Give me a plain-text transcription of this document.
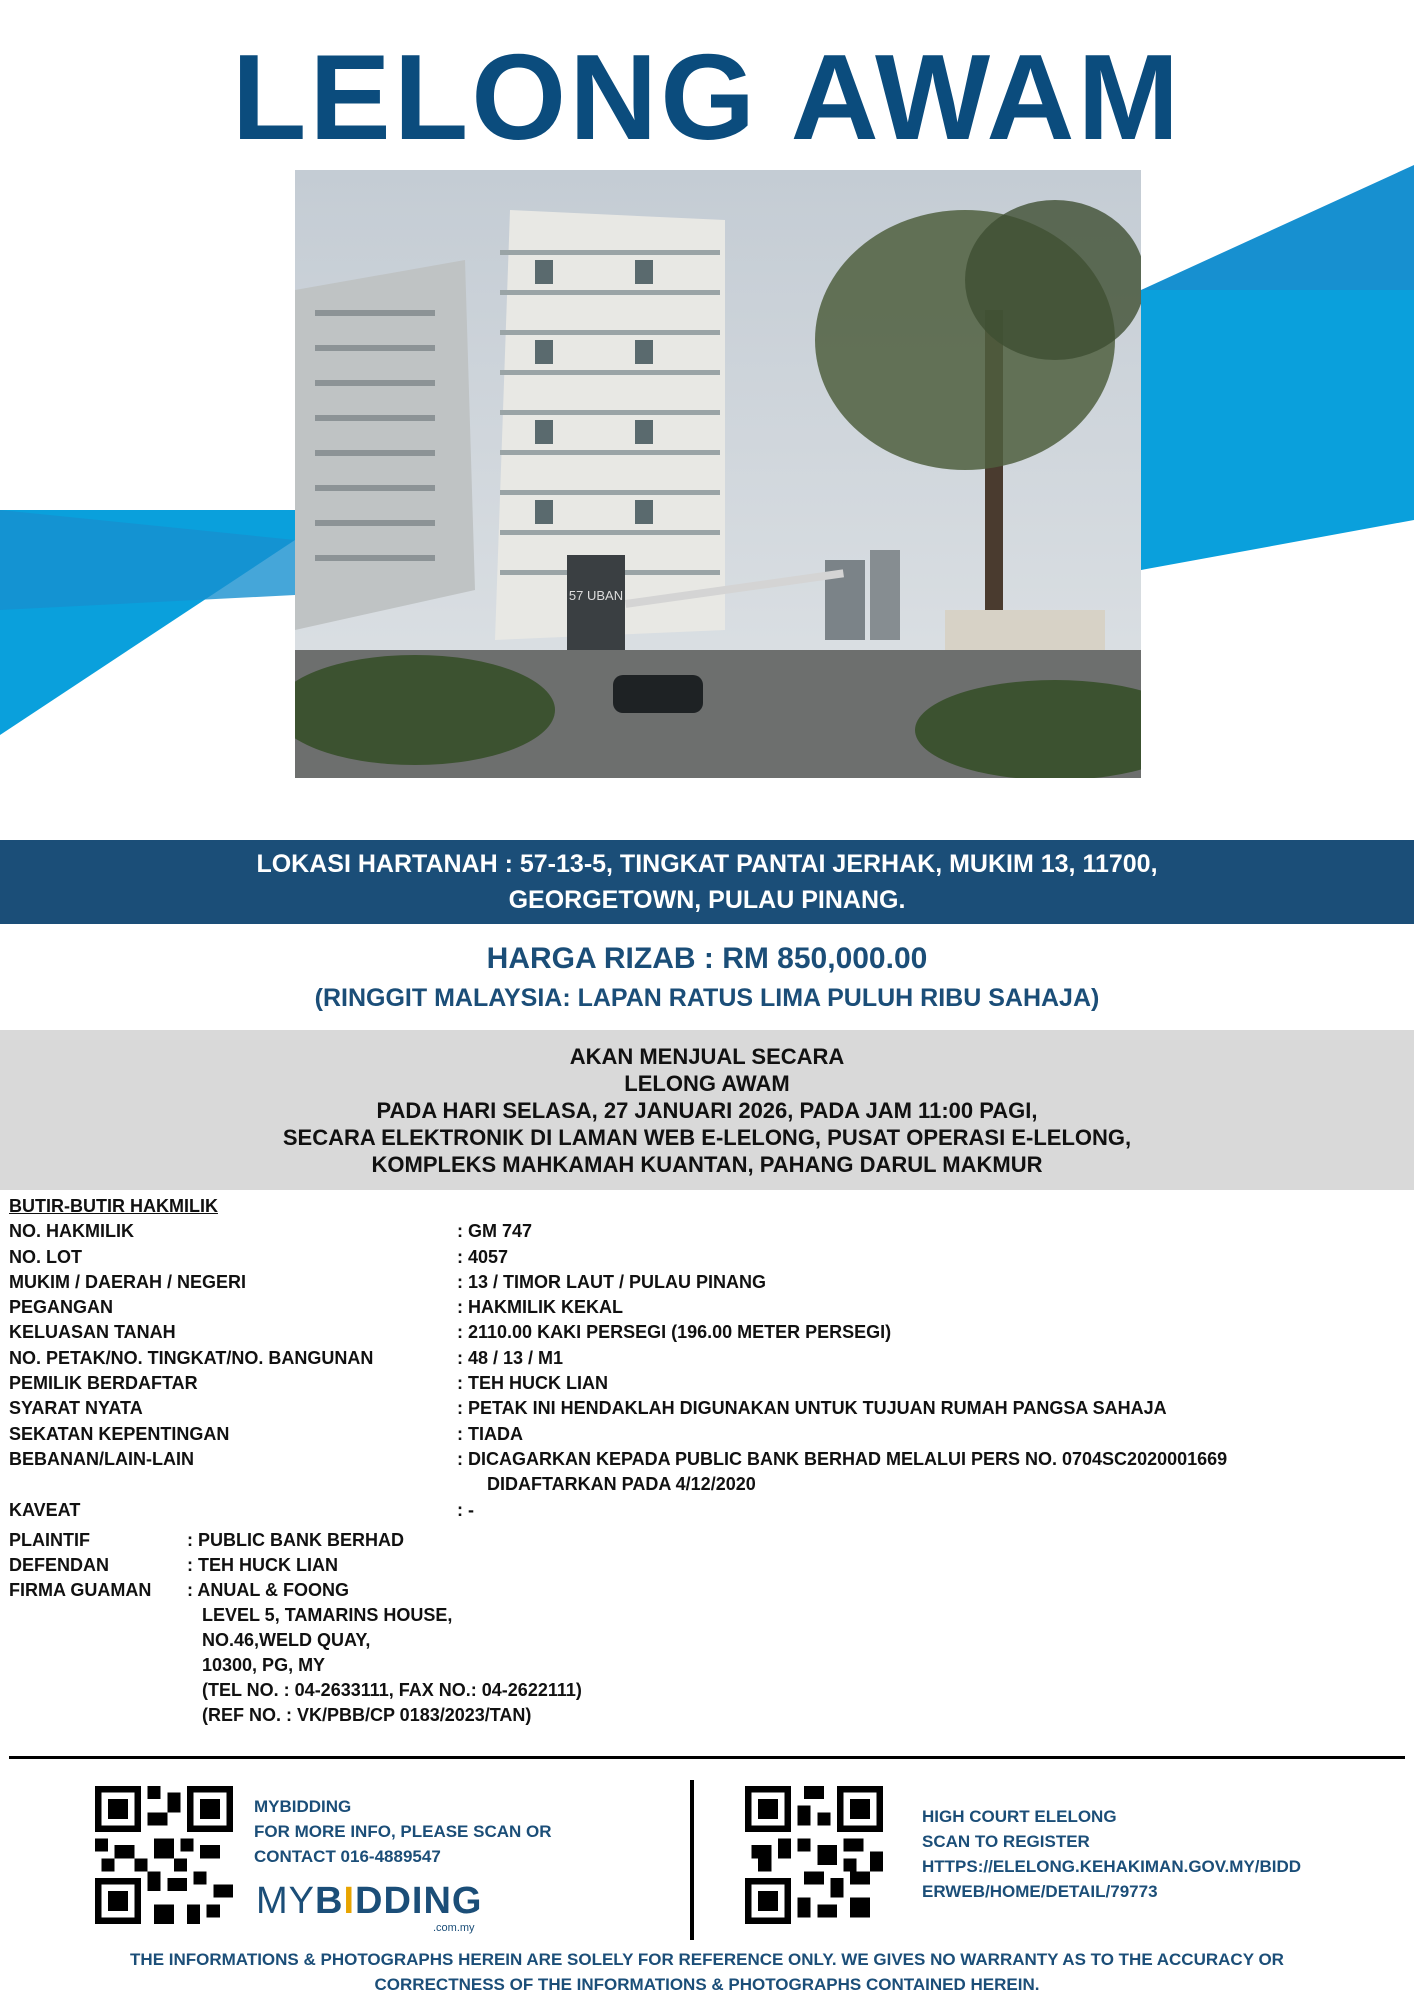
LELONG AWAM
57 UBAN
LOKASI HARTANAH : 57-13-5, TINGKAT PANTAI JERHAK, MUKIM 13, 11700,
GEORGETOWN, PULAU PINANG.
HARGA RIZAB : RM 850,000.00
(RINGGIT MALAYSIA: LAPAN RATUS LIMA PULUH RIBU SAHAJA)
AKAN MENJUAL SECARA
LELONG AWAM
PADA HARI SELASA, 27 JANUARI 2026, PADA JAM 11:00 PAGI,
SECARA ELEKTRONIK DI LAMAN WEB E-LELONG, PUSAT OPERASI E-LELONG,
KOMPLEKS MAHKAMAH KUANTAN, PAHANG DARUL MAKMUR
BUTIR-BUTIR HAKMILIK
NO. HAKMILIK	: GM 747
NO. LOT	: 4057
MUKIM / DAERAH / NEGERI	: 13 / TIMOR LAUT / PULAU PINANG
PEGANGAN	: HAKMILIK KEKAL
KELUASAN TANAH	: 2110.00 KAKI PERSEGI (196.00 METER PERSEGI)
NO. PETAK/NO. TINGKAT/NO. BANGUNAN	: 48 / 13 / M1
PEMILIK BERDAFTAR	: TEH HUCK LIAN
SYARAT NYATA	: PETAK INI HENDAKLAH DIGUNAKAN UNTUK TUJUAN RUMAH PANGSA SAHAJA
SEKATAN KEPENTINGAN	: TIADA
BEBANAN/LAIN-LAIN	: DICAGARKAN KEPADA PUBLIC BANK BERHAD MELALUI PERS NO. 0704SC2020001669
DIDAFTARKAN PADA 4/12/2020
KAVEAT	: -
PLAINTIF	: PUBLIC BANK BERHAD
DEFENDAN	: TEH HUCK LIAN
FIRMA GUAMAN : ANUAL & FOONG
LEVEL 5, TAMARINS HOUSE,
NO.46,WELD QUAY,
10300, PG, MY
(TEL NO. : 04-2633111, FAX NO.: 04-2622111)
(REF NO. : VK/PBB/CP 0183/2023/TAN)
MYBIDDING
FOR MORE INFO, PLEASE SCAN OR
CONTACT 016-4889547
MYBIDDING
.com.my
HIGH COURT ELELONG
SCAN TO REGISTER
HTTPS://ELELONG.KEHAKIMAN.GOV.MY/BIDD
ERWEB/HOME/DETAIL/79773
THE INFORMATIONS & PHOTOGRAPHS HEREIN ARE SOLELY FOR REFERENCE ONLY. WE GIVES NO WARRANTY AS TO THE ACCURACY OR
CORRECTNESS OF THE INFORMATIONS & PHOTOGRAPHS CONTAINED HEREIN.
